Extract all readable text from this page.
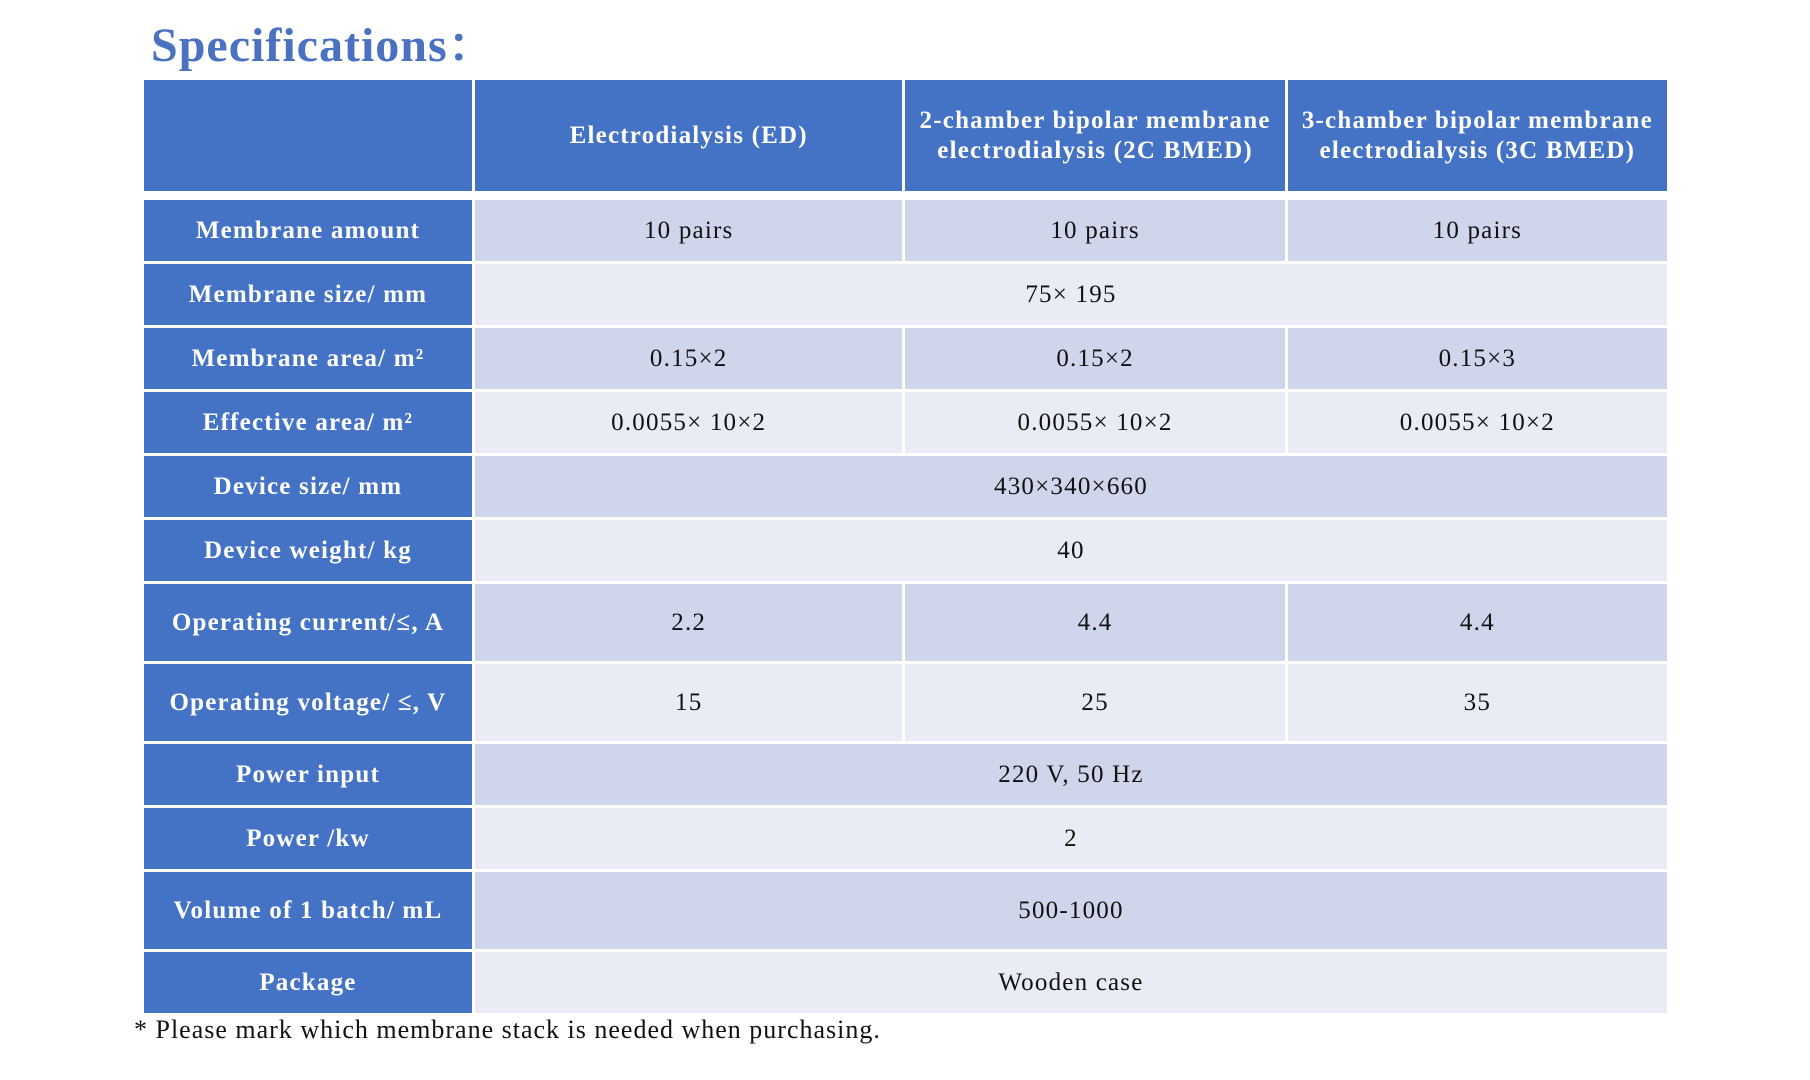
Specifications：
	Electrodialysis (ED)	2-chamber bipolar membrane electrodialysis (2C BMED)	3-chamber bipolar membrane electrodialysis (3C BMED)

Membrane amount	10 pairs	10 pairs	10 pairs
Membrane size/ mm	75× 195		
Membrane area/ m²	0.15×2	0.15×2	0.15×3
Effective area/ m²	0.0055× 10×2	0.0055× 10×2	0.0055× 10×2
Device size/ mm	430×340×660		
Device weight/ kg	40		
Operating current/≤, A	2.2	4.4	4.4
Operating voltage/ ≤, V	15	25	35
Power input	220 V, 50 Hz		
Power /kw	2		
Volume of 1 batch/ mL	500-1000		
Package	Wooden case		

* Please mark which membrane stack is needed when purchasing.
